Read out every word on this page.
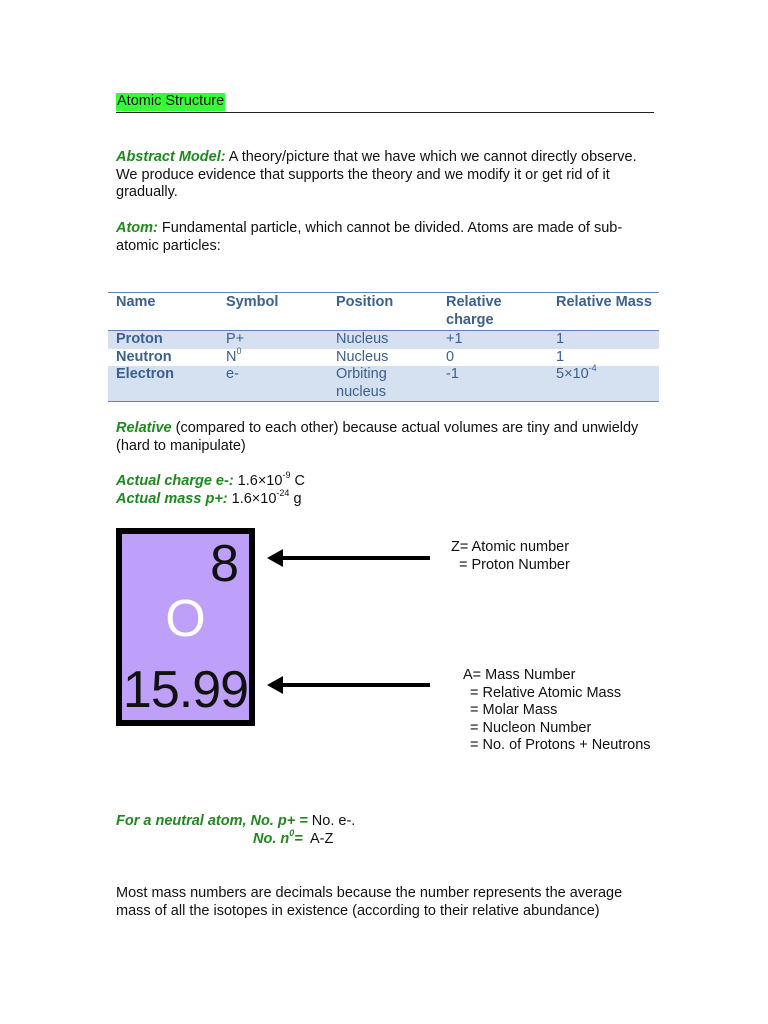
Atomic Structure
Abstract Model: A theory/picture that we have which we cannot directly observe. We produce evidence that supports the theory and we modify it or get rid of it gradually.
Atom: Fundamental particle, which cannot be divided. Atoms are made of sub-atomic particles:
Name	Symbol	Position	Relative charge	Relative Mass
Proton	P+	Nucleus	+1	1
Neutron	$N^0$	Nucleus	0	1
Electron	e-	Orbiting nucleus	-1	$5\times 10^{-4}$
Relative (compared to each other) because actual volumes are tiny and unwieldy (hard to manipulate)
Actual charge e-: $1.6\times 10^{-9}$ C
Actual mass p+: $1.6\times 10^{-24}$ g
8
O
15.99
Z= Atomic number
= Proton Number
A= Mass Number
= Relative Atomic Mass
= Molar Mass
= Nucleon Number
= No. of Protons + Neutrons
For a neutral atom, No. p+ = No. e-.
No. $n^0= A-Z$
Most mass numbers are decimals because the number represents the average mass of all the isotopes in existence (according to their relative abundance)
